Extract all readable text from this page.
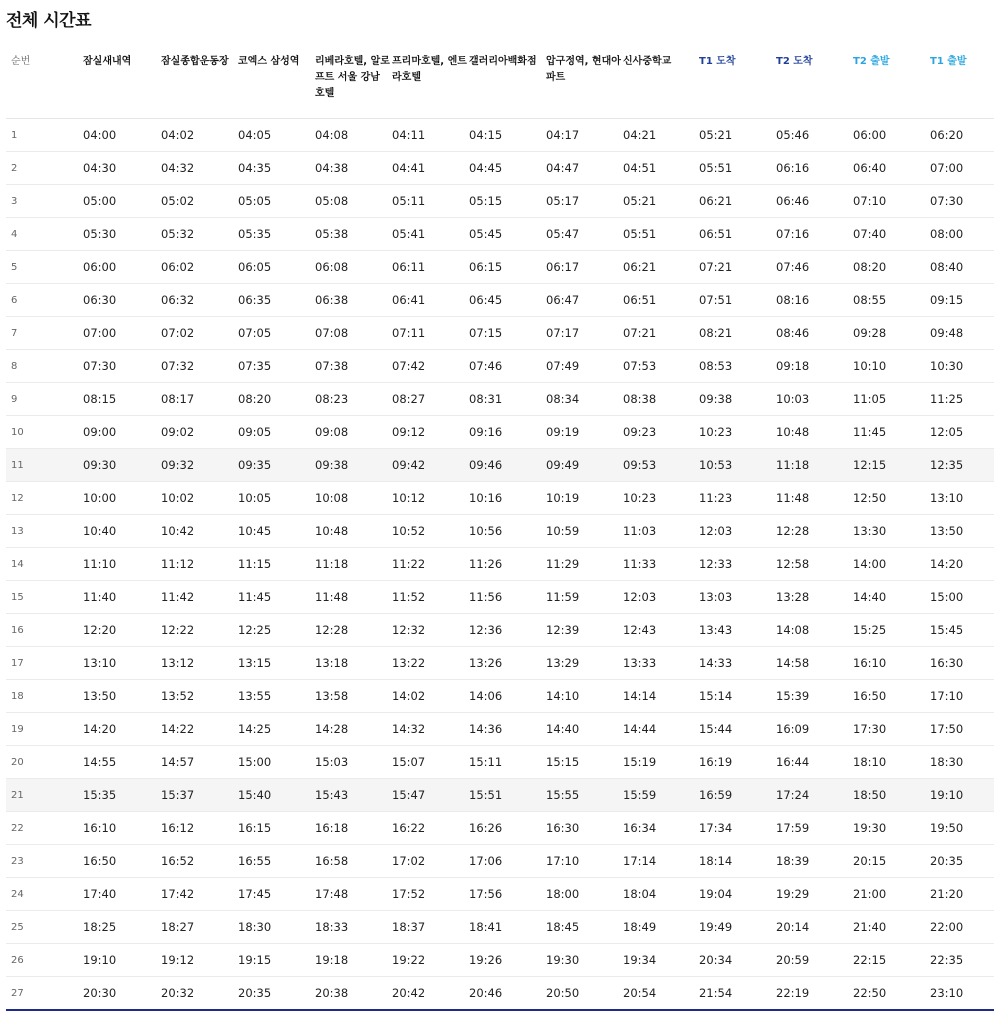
전체 시간표
순번	잠실새내역	잠실종합운동장	코엑스 삼성역	리베라호텔, 알로프트 서울 강남 호텔	프리마호텔, 엔트라호텔	갤러리아백화점	압구정역, 현대아파트	신사중학교	T1 도착	T2 도착	T2 출발	T1 출발
1	04:00	04:02	04:05	04:08	04:11	04:15	04:17	04:21	05:21	05:46	06:00	06:20
2	04:30	04:32	04:35	04:38	04:41	04:45	04:47	04:51	05:51	06:16	06:40	07:00
3	05:00	05:02	05:05	05:08	05:11	05:15	05:17	05:21	06:21	06:46	07:10	07:30
4	05:30	05:32	05:35	05:38	05:41	05:45	05:47	05:51	06:51	07:16	07:40	08:00
5	06:00	06:02	06:05	06:08	06:11	06:15	06:17	06:21	07:21	07:46	08:20	08:40
6	06:30	06:32	06:35	06:38	06:41	06:45	06:47	06:51	07:51	08:16	08:55	09:15
7	07:00	07:02	07:05	07:08	07:11	07:15	07:17	07:21	08:21	08:46	09:28	09:48
8	07:30	07:32	07:35	07:38	07:42	07:46	07:49	07:53	08:53	09:18	10:10	10:30
9	08:15	08:17	08:20	08:23	08:27	08:31	08:34	08:38	09:38	10:03	11:05	11:25
10	09:00	09:02	09:05	09:08	09:12	09:16	09:19	09:23	10:23	10:48	11:45	12:05
11	09:30	09:32	09:35	09:38	09:42	09:46	09:49	09:53	10:53	11:18	12:15	12:35
12	10:00	10:02	10:05	10:08	10:12	10:16	10:19	10:23	11:23	11:48	12:50	13:10
13	10:40	10:42	10:45	10:48	10:52	10:56	10:59	11:03	12:03	12:28	13:30	13:50
14	11:10	11:12	11:15	11:18	11:22	11:26	11:29	11:33	12:33	12:58	14:00	14:20
15	11:40	11:42	11:45	11:48	11:52	11:56	11:59	12:03	13:03	13:28	14:40	15:00
16	12:20	12:22	12:25	12:28	12:32	12:36	12:39	12:43	13:43	14:08	15:25	15:45
17	13:10	13:12	13:15	13:18	13:22	13:26	13:29	13:33	14:33	14:58	16:10	16:30
18	13:50	13:52	13:55	13:58	14:02	14:06	14:10	14:14	15:14	15:39	16:50	17:10
19	14:20	14:22	14:25	14:28	14:32	14:36	14:40	14:44	15:44	16:09	17:30	17:50
20	14:55	14:57	15:00	15:03	15:07	15:11	15:15	15:19	16:19	16:44	18:10	18:30
21	15:35	15:37	15:40	15:43	15:47	15:51	15:55	15:59	16:59	17:24	18:50	19:10
22	16:10	16:12	16:15	16:18	16:22	16:26	16:30	16:34	17:34	17:59	19:30	19:50
23	16:50	16:52	16:55	16:58	17:02	17:06	17:10	17:14	18:14	18:39	20:15	20:35
24	17:40	17:42	17:45	17:48	17:52	17:56	18:00	18:04	19:04	19:29	21:00	21:20
25	18:25	18:27	18:30	18:33	18:37	18:41	18:45	18:49	19:49	20:14	21:40	22:00
26	19:10	19:12	19:15	19:18	19:22	19:26	19:30	19:34	20:34	20:59	22:15	22:35
27	20:30	20:32	20:35	20:38	20:42	20:46	20:50	20:54	21:54	22:19	22:50	23:10
